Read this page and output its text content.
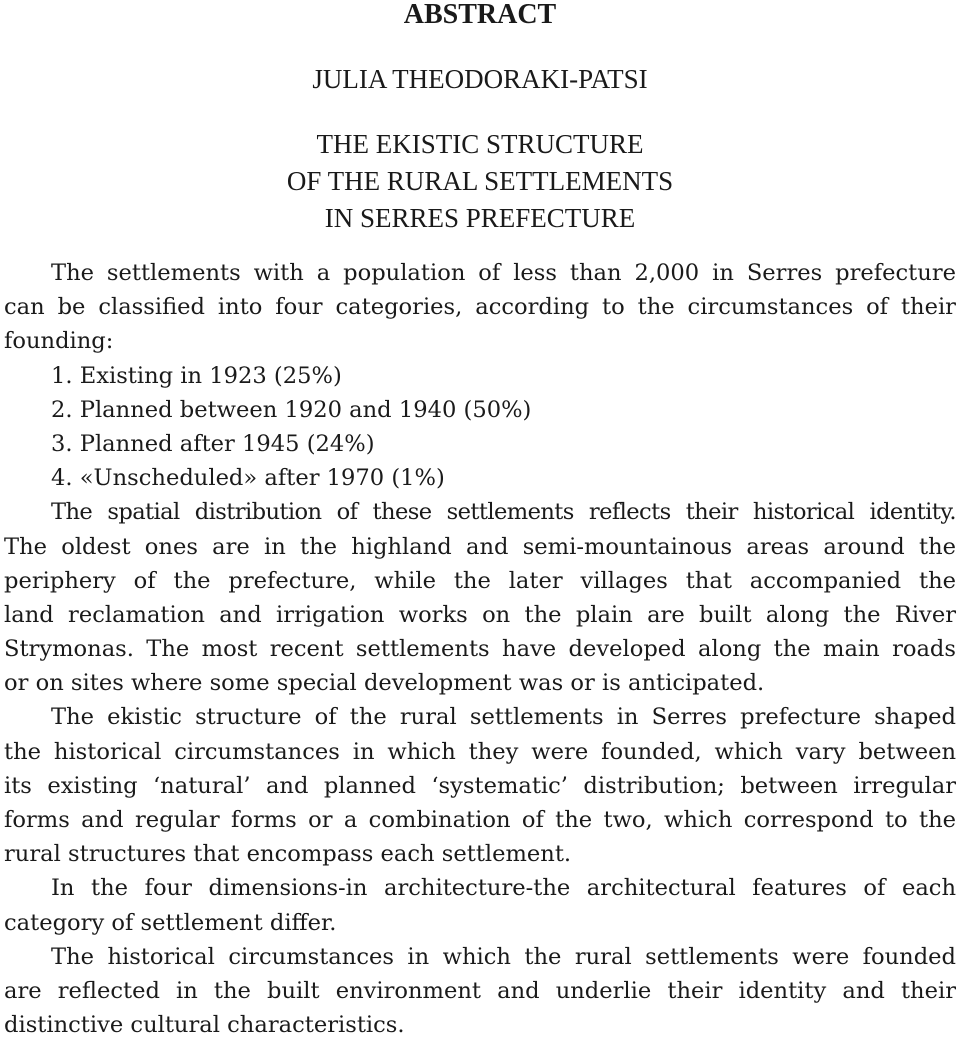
ABSTRACT
JULIA THEODORAKI-PATSI
THE EKISTIC STRUCTURE
OF THE RURAL SETTLEMENTS
IN SERRES PREFECTURE
The settlements with a population of less than 2,000 in Serres prefecture
can be classified into four categories, according to the circumstances of their
founding:
1. Existing in 1923 (25%)
2. Planned between 1920 and 1940 (50%)
3. Planned after 1945 (24%)
4. «Unscheduled» after 1970 (1%)
The spatial distribution of these settlements reflects their historical identity.
The oldest ones are in the highland and semi-mountainous areas around the
periphery of the prefecture, while the later villages that accompanied the
land reclamation and irrigation works on the plain are built along the River
Strymonas. The most recent settlements have developed along the main roads
or on sites where some special development was or is anticipated.
The ekistic structure of the rural settlements in Serres prefecture shaped
the historical circumstances in which they were founded, which vary between
its existing ‘natural’ and planned ‘systematic’ distribution; between irregular
forms and regular forms or a combination of the two, which correspond to the
rural structures that encompass each settlement.
In the four dimensions-in architecture-the architectural features of each
category of settlement differ.
The historical circumstances in which the rural settlements were founded
are reflected in the built environment and underlie their identity and their
distinctive cultural characteristics.
